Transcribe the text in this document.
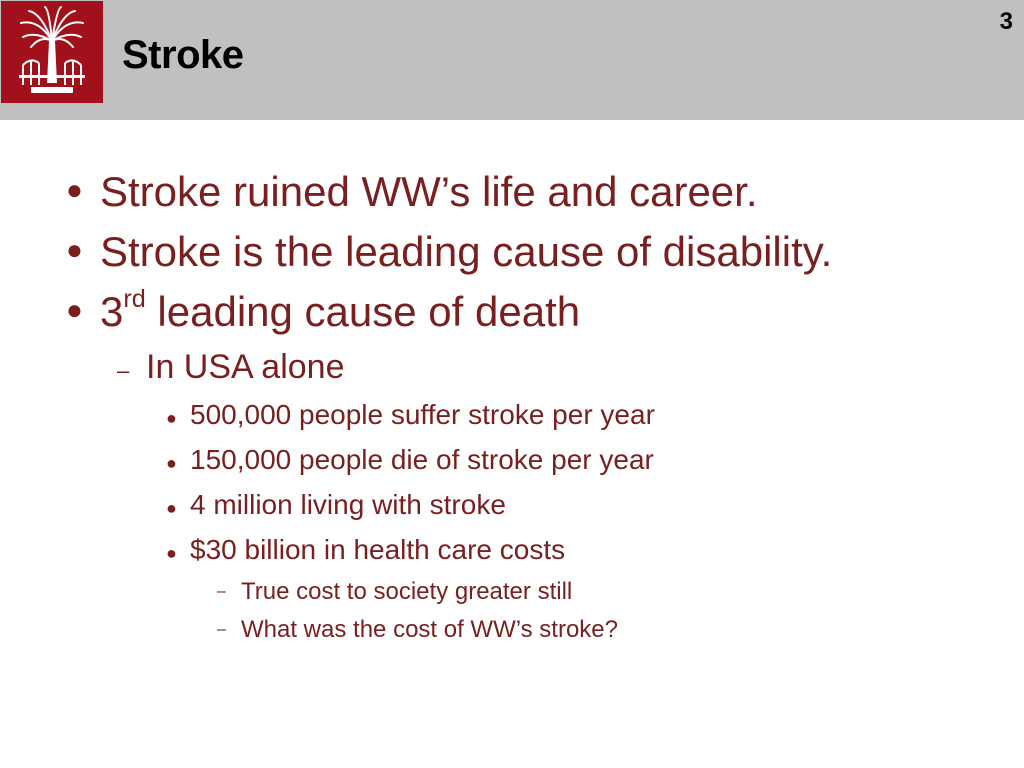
Stroke
3
● Stroke ruined WW’s life and career.
● Stroke is the leading cause of disability.
● 3rd leading cause of death
– In USA alone
● 500,000 people suffer stroke per year
● 150,000 people die of stroke per year
● 4 million living with stroke
● $30 billion in health care costs
– True cost to society greater still
– What was the cost of WW’s stroke?
